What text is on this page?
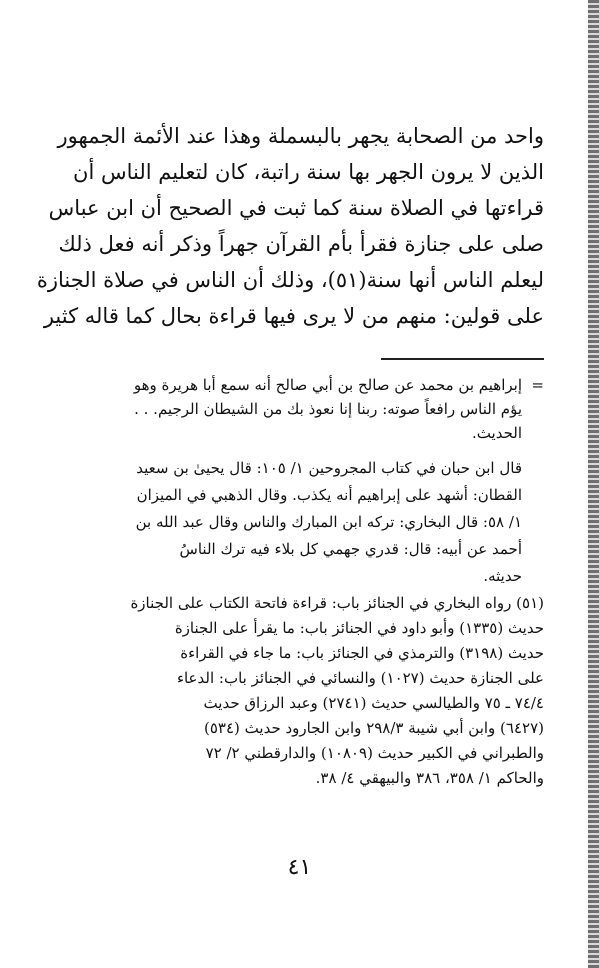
واحد من الصحابة يجهر بالبسملة وهذا عند الأئمة الجمهور
الذين لا يرون الجهر بها سنة راتبة، كان لتعليم الناس أن
قراءتها في الصلاة سنة كما ثبت في الصحيح أن ابن عباس
صلى على جنازة فقرأ بأم القرآن جهراً وذكر أنه فعل ذلك
ليعلم الناس أنها سنة(٥١)، وذلك أن الناس في صلاة الجنازة
على قولين: منهم من لا يرى فيها قراءة بحال كما قاله كثير
=
إبراهيم بن محمد عن صالح بن أبي صالح أنه سمع أبا هريرة وهو
يؤم الناس رافعاً صوته: ربنا إنا نعوذ بك من الشيطان الرجيم. . .
الحديث.
قال ابن حبان في كتاب المجروحين ١/ ١٠٥: قال يحيىٰ بن سعيد
القطان: أشهد على إبراهيم أنه يكذب. وقال الذهبي في الميزان
١/ ٥٨: قال البخاري: تركه ابن المبارك والناس وقال عبد الله بن
أحمد عن أبيه: قال: قدري جهمي كل بلاء فيه ترك الناسُ
حديثه.
(٥١) رواه البخاري في الجنائز باب: قراءة فاتحة الكتاب على الجنازة
حديث (١٣٣٥) وأبو داود في الجنائز باب: ما يقرأ على الجنازة
حديث (٣١٩٨) والترمذي في الجنائز باب: ما جاء في القراءة
على الجنازة حديث (١٠٢٧) والنسائي في الجنائز باب: الدعاء
٧٤/٤ ـ ٧٥ والطيالسي حديث (٢٧٤١) وعبد الرزاق حديث
(٦٤٢٧) وابن أبي شيبة ٢٩٨/٣ وابن الجارود حديث (٥٣٤)
والطبراني في الكبير حديث (١٠٨٠٩) والدارقطني ٢/ ٧٢
والحاكم ١/ ٣٥٨، ٣٨٦ والبيهقي ٤/ ٣٨.
٤١
